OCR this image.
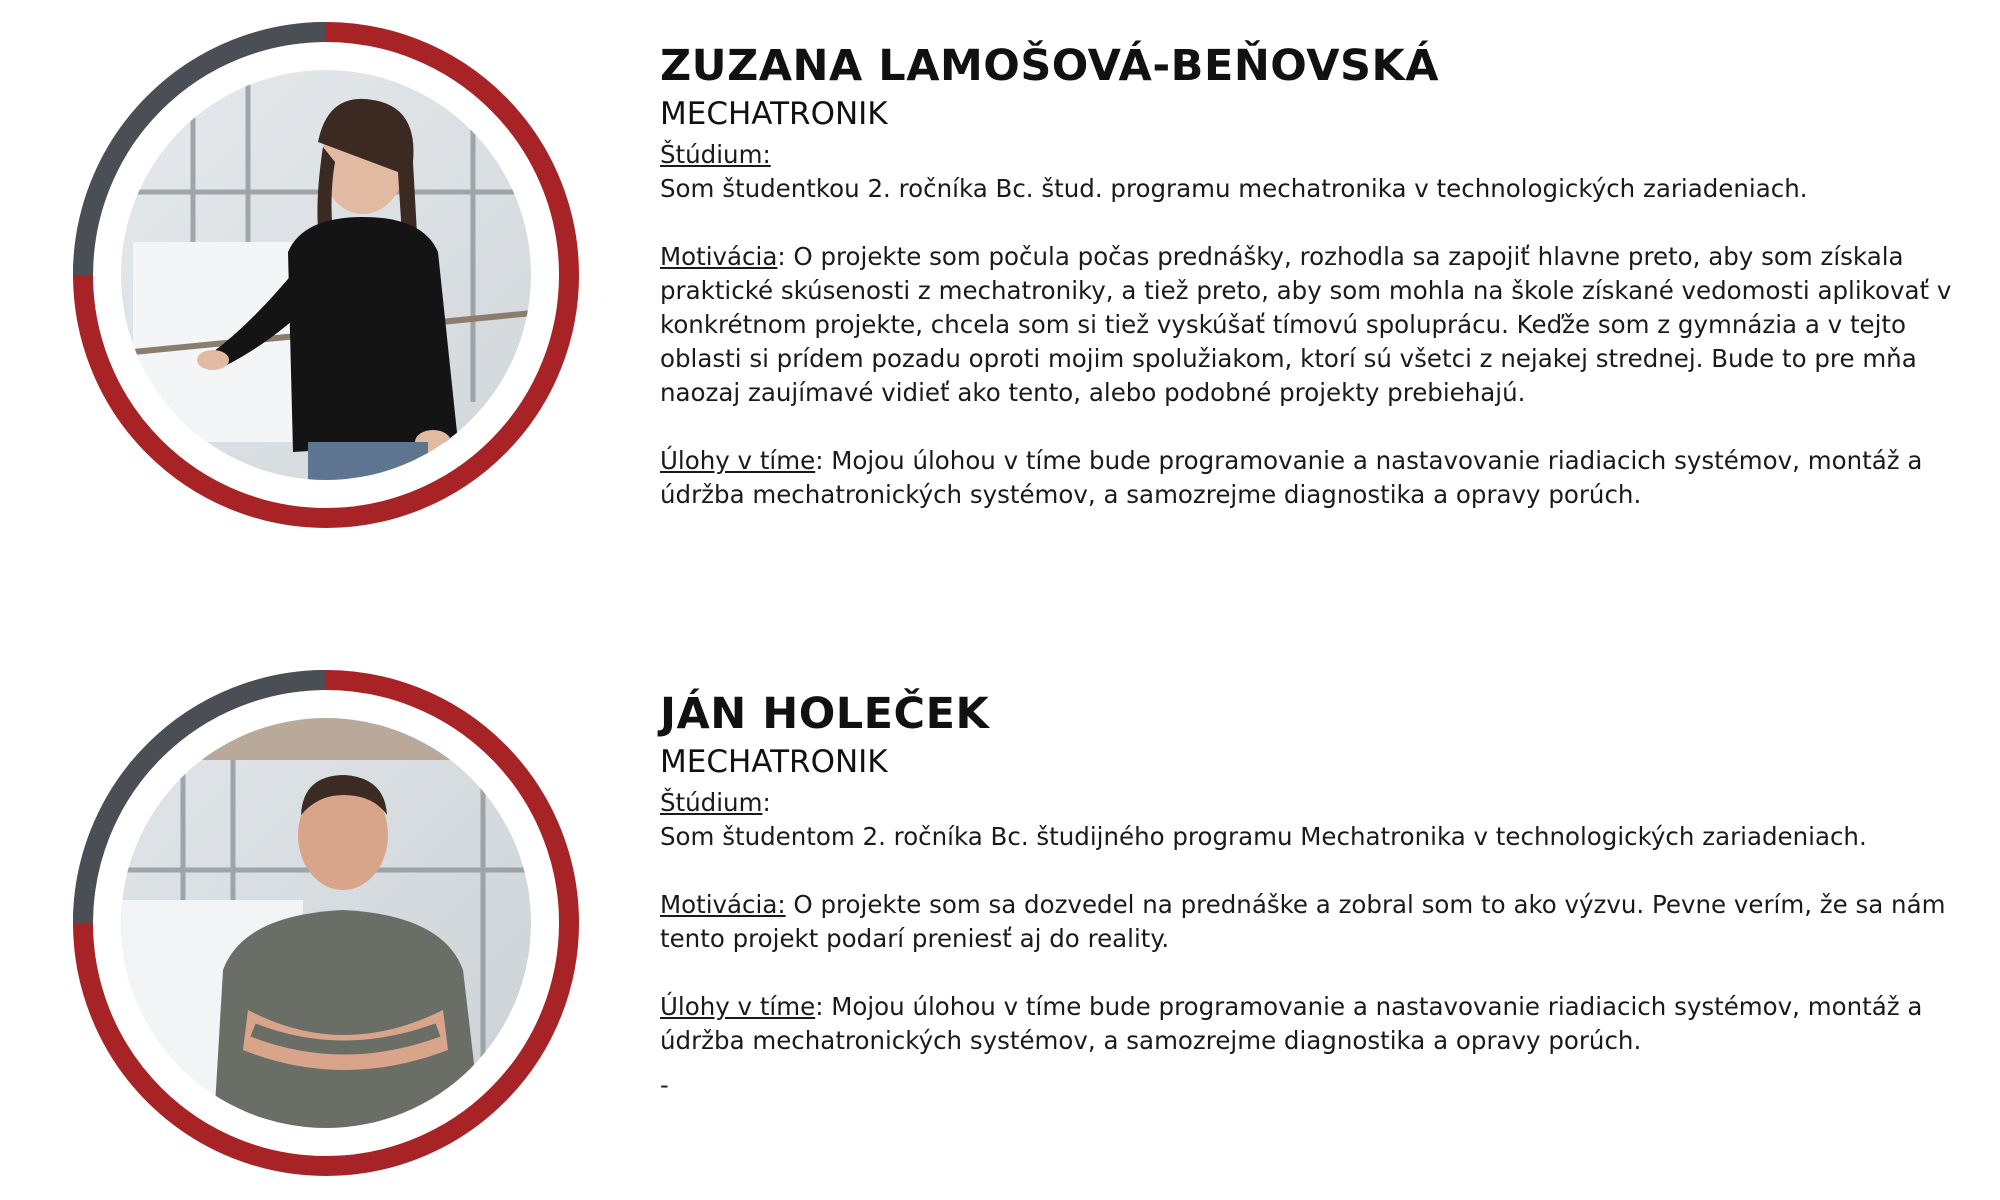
ZUZANA LAMOŠOVÁ-BEŇOVSKÁ
MECHATRONIK

Štúdium:
Som študentkou 2. ročníka Bc. štud. programu mechatronika v technologických zariadeniach.

Motivácia: O projekte som počula počas prednášky, rozhodla sa zapojiť hlavne preto, aby som získala praktické skúsenosti z mechatroniky, a tiež preto, aby som mohla na škole získané vedomosti aplikovať v konkrétnom projekte, chcela som si tiež vyskúšať tímovú spoluprácu. Keďže som z gymnázia a v tejto oblasti si prídem pozadu oproti mojim spolužiakom, ktorí sú všetci z nejakej strednej. Bude to pre mňa naozaj zaujímavé vidieť ako tento, alebo podobné projekty prebiehajú.

Úlohy v tíme: Mojou úlohou v tíme bude programovanie a nastavovanie riadiacich systémov, montáž a údržba mechatronických systémov, a samozrejme diagnostika a opravy porúch.

JÁN HOLEČEK
MECHATRONIK

Štúdium:
Som študentom 2. ročníka Bc. študijného programu Mechatronika v technologických zariadeniach.

Motivácia: O projekte som sa dozvedel na prednáške a zobral som to ako výzvu. Pevne verím, že sa nám tento projekt podarí preniesť aj do reality.

Úlohy v tíme: Mojou úlohou v tíme bude programovanie a nastavovanie riadiacich systémov, montáž a údržba mechatronických systémov, a samozrejme diagnostika a opravy porúch.

-
